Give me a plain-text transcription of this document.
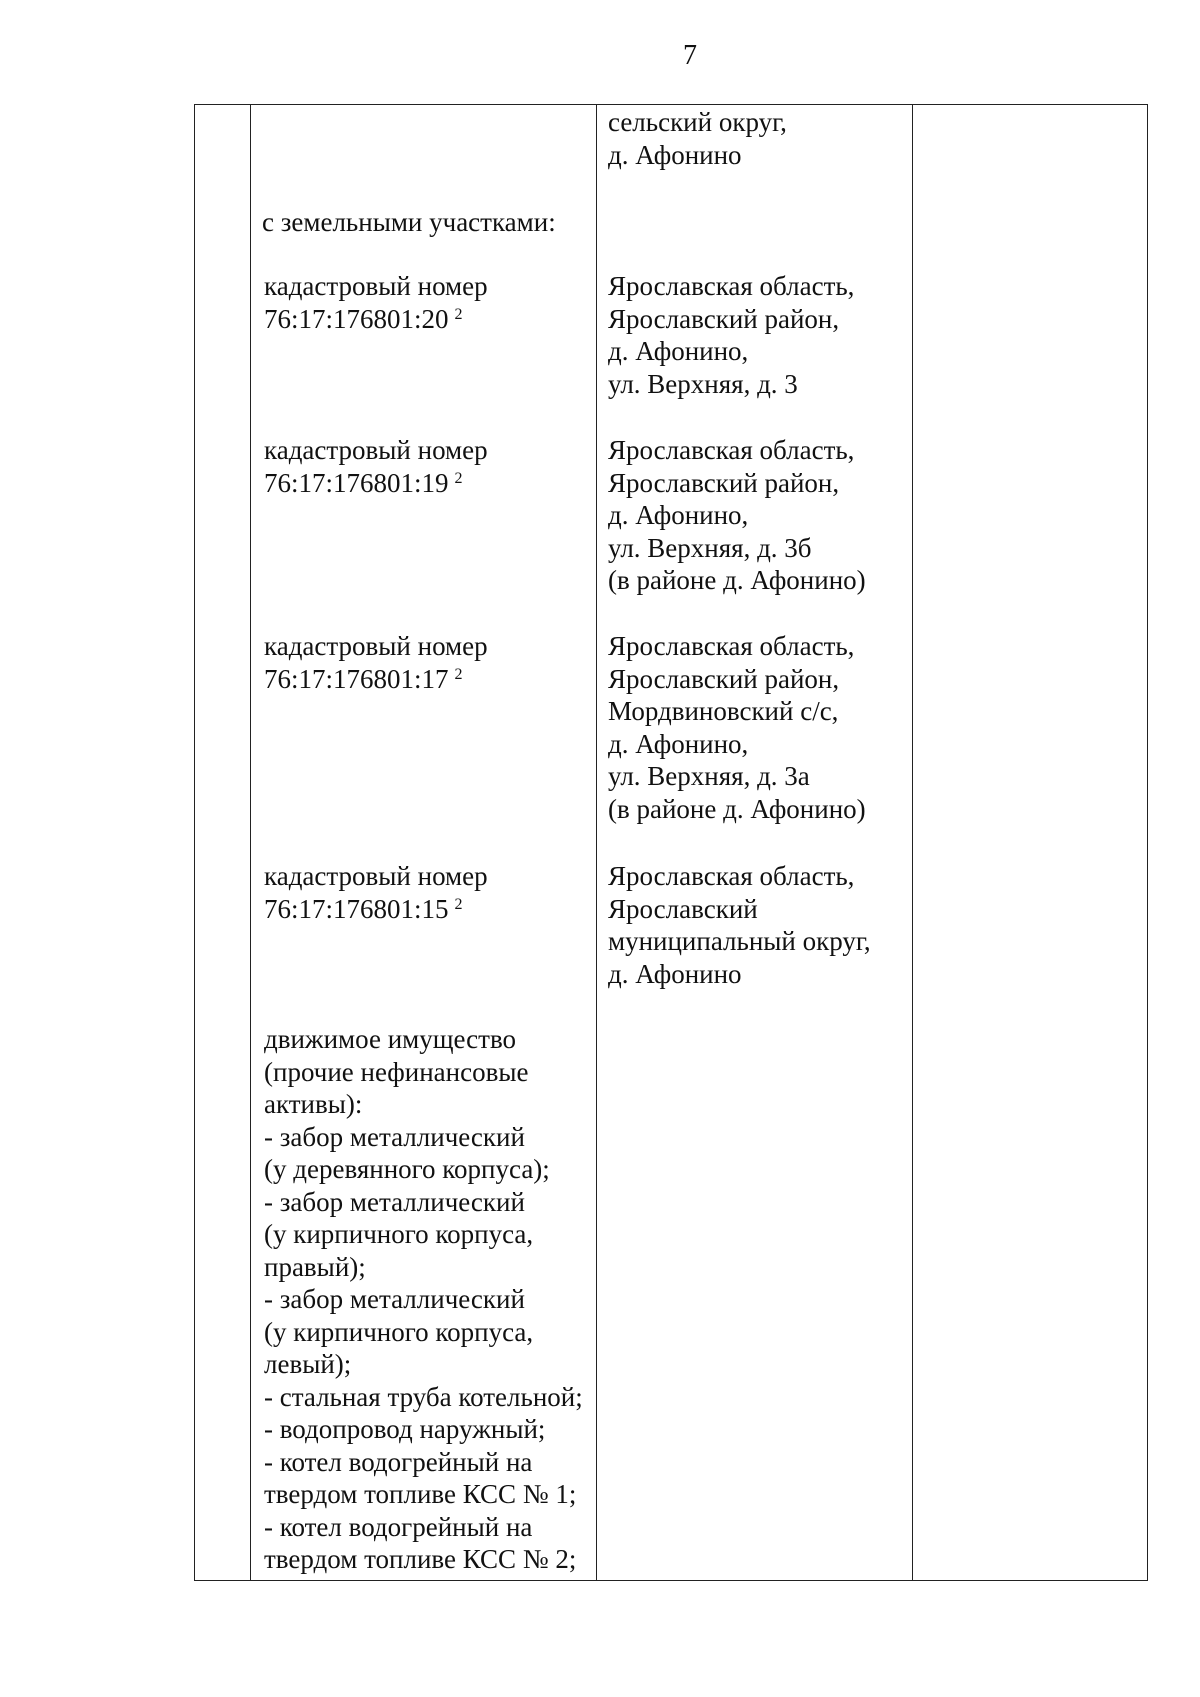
7
сельский округ,
д. Афонино
с земельными участками:
кадастровый номер
76:17:176801:20 $^2$
Ярославская область,
Ярославский район,
д. Афонино,
ул. Верхняя, д. 3
кадастровый номер
76:17:176801:19 $^2$
Ярославская область,
Ярославский район,
д. Афонино,
ул. Верхняя, д. 3б
(в районе д. Афонино)
кадастровый номер
76:17:176801:17 $^2$
Ярославская область,
Ярославский район,
Мордвиновский с/с,
д. Афонино,
ул. Верхняя, д. 3а
(в районе д. Афонино)
кадастровый номер
76:17:176801:15 $^2$
Ярославская область,
Ярославский
муниципальный округ,
д. Афонино
движимое имущество
(прочие нефинансовые
активы):
- забор металлический
(у деревянного корпуса);
- забор металлический
(у кирпичного корпуса,
правый);
- забор металлический
(у кирпичного корпуса,
левый);
- стальная труба котельной;
- водопровод наружный;
- котел водогрейный на
твердом топливе КСС № 1;
- котел водогрейный на
твердом топливе КСС № 2;
